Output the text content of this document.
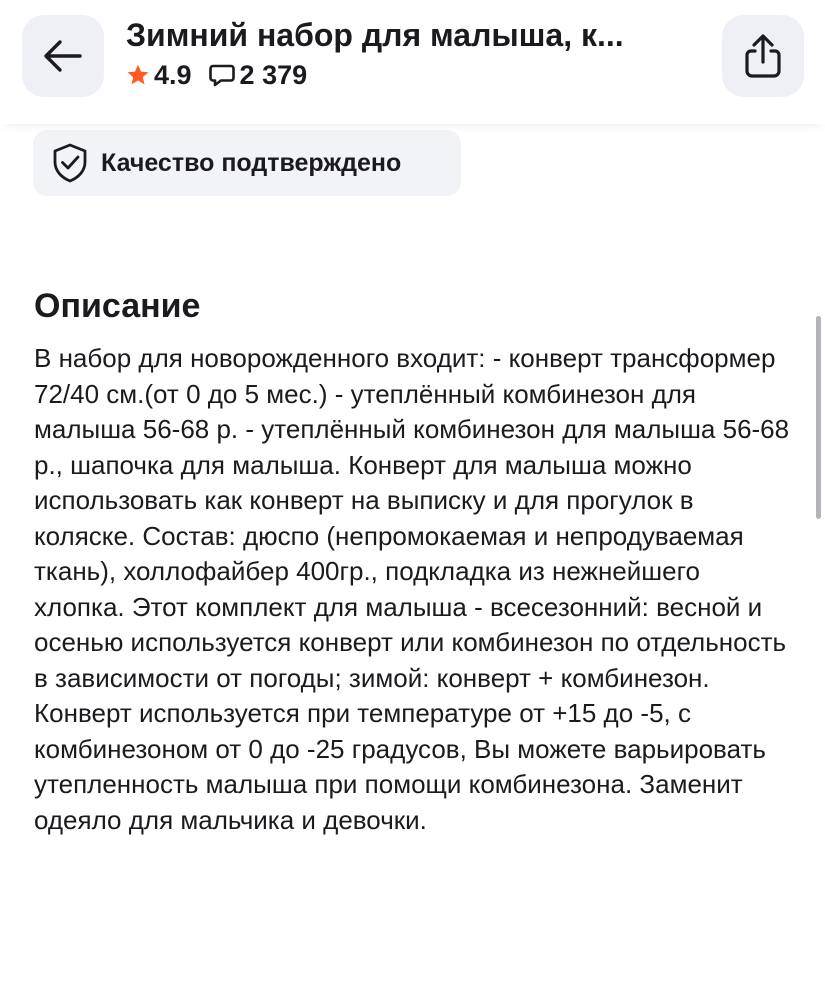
Зимний набор для малыша, к...
4.9 2 379
Качество подтверждено
Описание
В набор для новорожденного входит: - конверт трансформер 72/40 см.(от 0 до 5 мес.) - утеплённый комбинезон для малыша 56-68 р. - утеплённый комбинезон для малыша 56-68 р., шапочка для малыша. Конверт для малыша можно использовать как конверт на выписку и для прогулок в коляске. Состав: дюспо (непромокаемая и непродуваемая ткань), холлофайбер 400гр., подкладка из нежнейшего хлопка. Этот комплект для малыша - всесезонний: весной и осенью используется конверт или комбинезон по отдельность в зависимости от погоды; зимой: конверт + комбинезон. Конверт используется при температуре от +15 до -5, с комбинезоном от 0 до -25 градусов, Вы можете варьировать утепленность малыша при помощи комбинезона. Заменит одеяло для мальчика и девочки.
